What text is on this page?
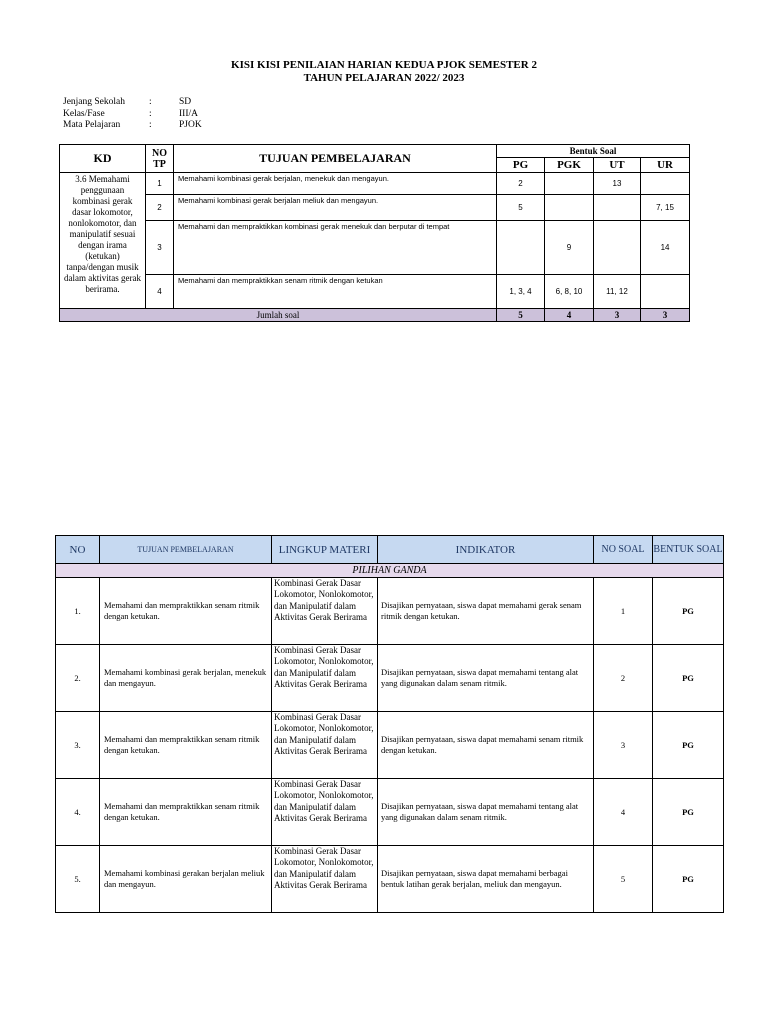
KISI KISI PENILAIAN HARIAN KEDUA PJOK SEMESTER 2
TAHUN PELAJARAN 2022/ 2023
Jenjang Sekolah	:	SD
Kelas/Fase	:	III/A
Mata Pelajaran	:	PJOK
KD	NO TP	TUJUAN PEMBELAJARAN	Bentuk Soal			
			PG	PGK	UT	UR
3.6 Memahami penggunaan kombinasi gerak dasar lokomotor, nonlokomotor, dan manipulatif sesuai dengan irama (ketukan) tanpa/dengan musik dalam aktivitas gerak berirama.	1	Memahami kombinasi gerak berjalan, menekuk dan mengayun.	2		13	
	2	Memahami kombinasi gerak berjalan meliuk dan mengayun.	5			7, 15
	3	Memahami dan mempraktikkan kombinasi gerak menekuk dan berputar di tempat		9		14
	4	Memahami dan mempraktikkan senam ritmik dengan ketukan	1, 3, 4	6, 8, 10	11, 12	
Jumlah soal			5	4	3	3
NO	TUJUAN PEMBELAJARAN	LINGKUP MATERI	INDIKATOR	NO SOAL	BENTUK SOAL
PILIHAN GANDA					
1.	Memahami dan mempraktikkan senam ritmik dengan ketukan.	Kombinasi Gerak Dasar Lokomotor, Nonlokomotor, dan Manipulatif dalam Aktivitas Gerak Berirama	Disajikan pernyataan, siswa dapat memahami gerak senam ritmik dengan ketukan.	1	PG
2.	Memahami kombinasi gerak berjalan, menekuk dan mengayun.	Kombinasi Gerak Dasar Lokomotor, Nonlokomotor, dan Manipulatif dalam Aktivitas Gerak Berirama	Disajikan pernyataan, siswa dapat memahami tentang alat yang digunakan dalam senam ritmik.	2	PG
3.	Memahami dan mempraktikkan senam ritmik dengan ketukan.	Kombinasi Gerak Dasar Lokomotor, Nonlokomotor, dan Manipulatif dalam Aktivitas Gerak Berirama	Disajikan pernyataan, siswa dapat memahami senam ritmik dengan ketukan.	3	PG
4.	Memahami dan mempraktikkan senam ritmik dengan ketukan.	Kombinasi Gerak Dasar Lokomotor, Nonlokomotor, dan Manipulatif dalam Aktivitas Gerak Berirama	Disajikan pernyataan, siswa dapat memahami tentang alat yang digunakan dalam senam ritmik.	4	PG
5.	Memahami kombinasi gerakan berjalan meliuk dan mengayun.	Kombinasi Gerak Dasar Lokomotor, Nonlokomotor, dan Manipulatif dalam Aktivitas Gerak Berirama	Disajikan pernyataan, siswa dapat memahami berbagai bentuk latihan gerak berjalan, meliuk dan mengayun.	5	PG
